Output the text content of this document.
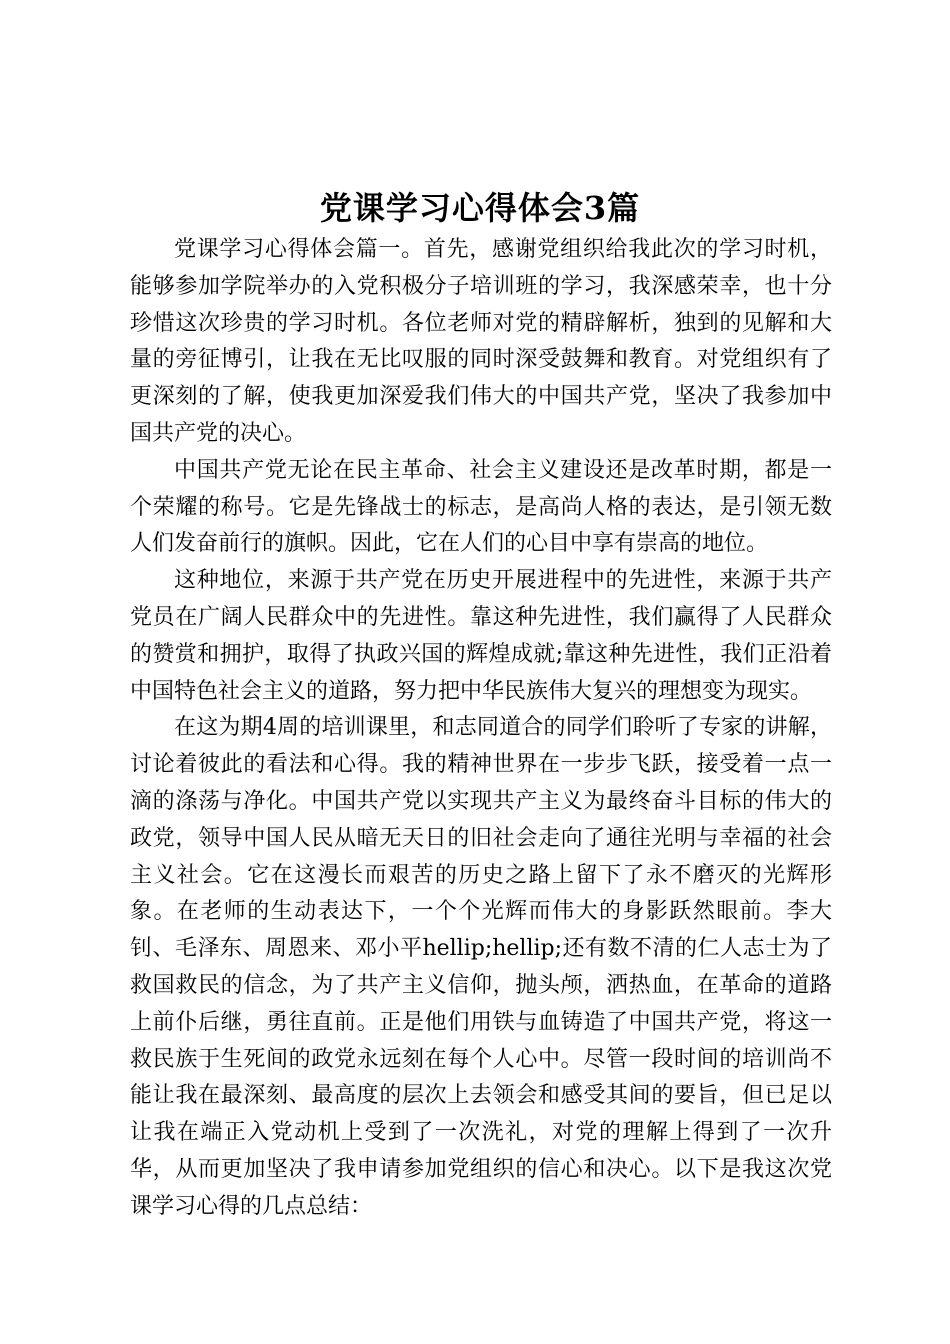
党课学习心得体会3篇

党课学习心得体会篇一。首先，感谢党组织给我此次的学习时机，能够参加学院举办的入党积极分子培训班的学习，我深感荣幸，也十分珍惜这次珍贵的学习时机。各位老师对党的精辟解析，独到的见解和大量的旁征博引，让我在无比叹服的同时深受鼓舞和教育。对党组织有了更深刻的了解，使我更加深爱我们伟大的中国共产党，坚决了我参加中国共产党的决心。

中国共产党无论在民主革命、社会主义建设还是改革时期，都是一个荣耀的称号。它是先锋战士的标志，是高尚人格的表达，是引领无数人们发奋前行的旗帜。因此，它在人们的心目中享有崇高的地位。

这种地位，来源于共产党在历史开展进程中的先进性，来源于共产党员在广阔人民群众中的先进性。靠这种先进性，我们赢得了人民群众的赞赏和拥护，取得了执政兴国的辉煌成就;靠这种先进性，我们正沿着中国特色社会主义的道路，努力把中华民族伟大复兴的理想变为现实。

在这为期4周的培训课里，和志同道合的同学们聆听了专家的讲解，讨论着彼此的看法和心得。我的精神世界在一步步飞跃，接受着一点一滴的涤荡与净化。中国共产党以实现共产主义为最终奋斗目标的伟大的政党，领导中国人民从暗无天日的旧社会走向了通往光明与幸福的社会主义社会。它在这漫长而艰苦的历史之路上留下了永不磨灭的光辉形象。在老师的生动表达下，一个个光辉而伟大的身影跃然眼前。李大钊、毛泽东、周恩来、邓小平hellip;hellip;还有数不清的仁人志士为了救国救民的信念，为了共产主义信仰，抛头颅，洒热血，在革命的道路上前仆后继，勇往直前。正是他们用铁与血铸造了中国共产党，将这一救民族于生死间的政党永远刻在每个人心中。尽管一段时间的培训尚不能让我在最深刻、最高度的层次上去领会和感受其间的要旨，但已足以让我在端正入党动机上受到了一次洗礼，对党的理解上得到了一次升华，从而更加坚决了我申请参加党组织的信心和决心。以下是我这次党课学习心得的几点总结：
